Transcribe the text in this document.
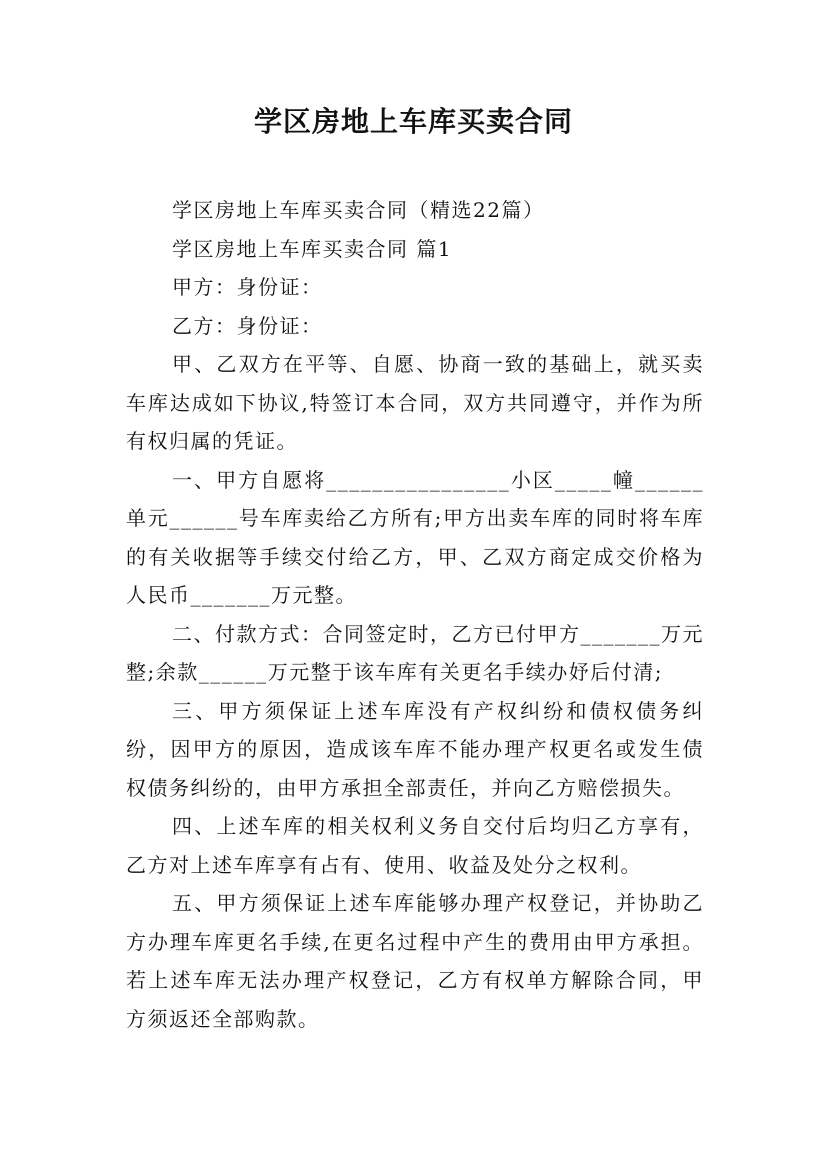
学区房地上车库买卖合同

学区房地上车库买卖合同（精选22篇）

学区房地上车库买卖合同 篇1

甲方：身份证：

乙方：身份证：

甲、乙双方在平等、自愿、协商一致的基础上，就买卖车库达成如下协议,特签订本合同，双方共同遵守，并作为所有权归属的凭证。

一、甲方自愿将________________小区_____幢______单元______号车库卖给乙方所有;甲方出卖车库的同时将车库的有关收据等手续交付给乙方，甲、乙双方商定成交价格为人民币_______万元整。

二、付款方式：合同签定时，乙方已付甲方_______万元整;余款______万元整于该车库有关更名手续办妤后付清;

三、甲方须保证上述车库没有产权纠纷和债权债务纠纷，因甲方的原因，造成该车库不能办理产权更名或发生债权债务纠纷的，由甲方承担全部责任，并向乙方赔偿损失。

四、上述车库的相关权利义务自交付后均归乙方享有，乙方对上述车库享有占有、使用、收益及处分之权利。

五、甲方须保证上述车库能够办理产权登记，并协助乙方办理车库更名手续,在更名过程中产生的费用由甲方承担。若上述车库无法办理产权登记，乙方有权单方解除合同，甲方须返还全部购款。
